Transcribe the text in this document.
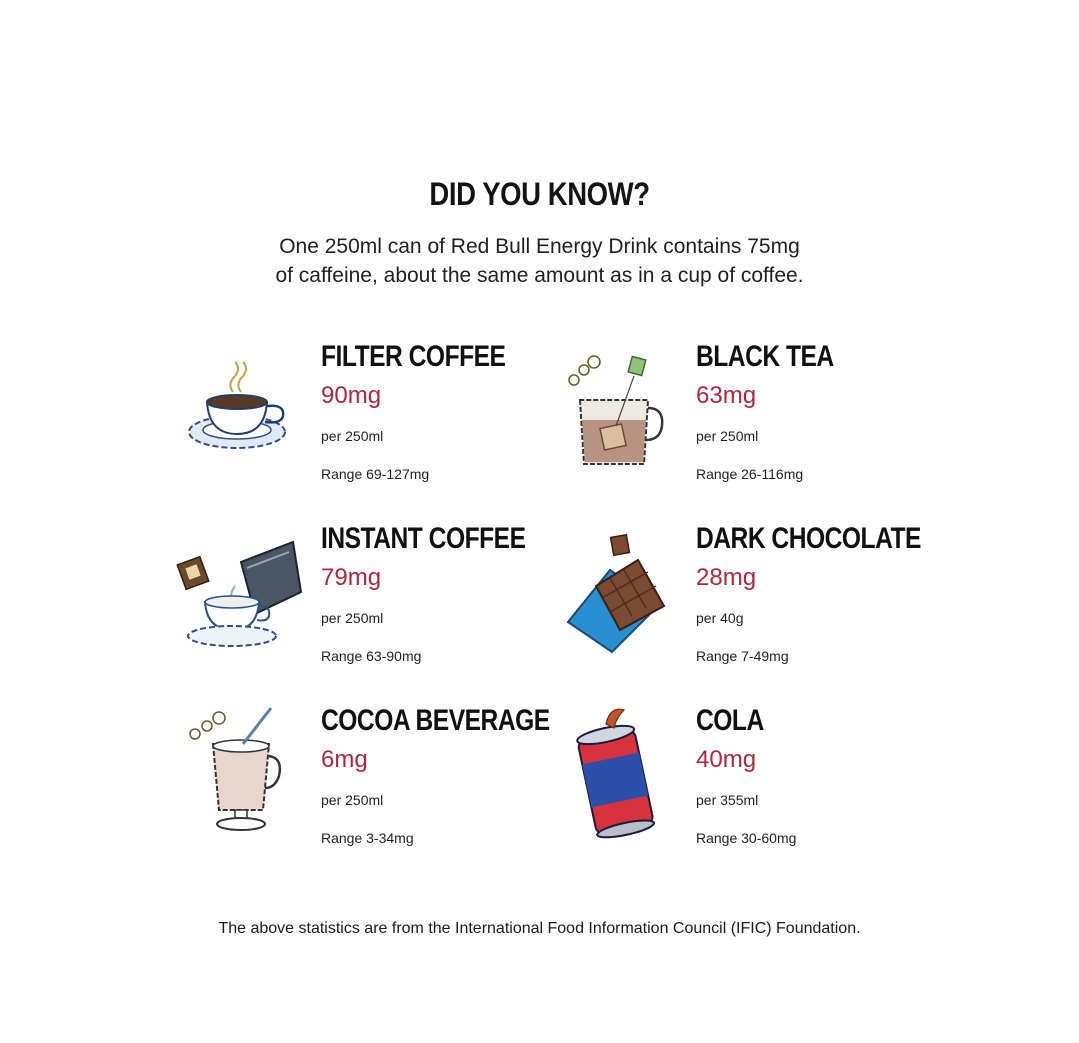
DID YOU KNOW?

One 250ml can of Red Bull Energy Drink contains 75mg
of caffeine, about the same amount as in a cup of coffee.

FILTER COFFEE

90mg

per 250ml

Range 69-127mg

BLACK TEA

63mg

per 250ml

Range 26-116mg

INSTANT COFFEE

79mg

per 250ml

Range 63-90mg

DARK CHOCOLATE

28mg

per 40g

Range 7-49mg

COCOA BEVERAGE

6mg

per 250ml

Range 3-34mg

COLA

40mg

per 355ml

Range 30-60mg

The above statistics are from the International Food Information Council (IFIC) Foundation.
